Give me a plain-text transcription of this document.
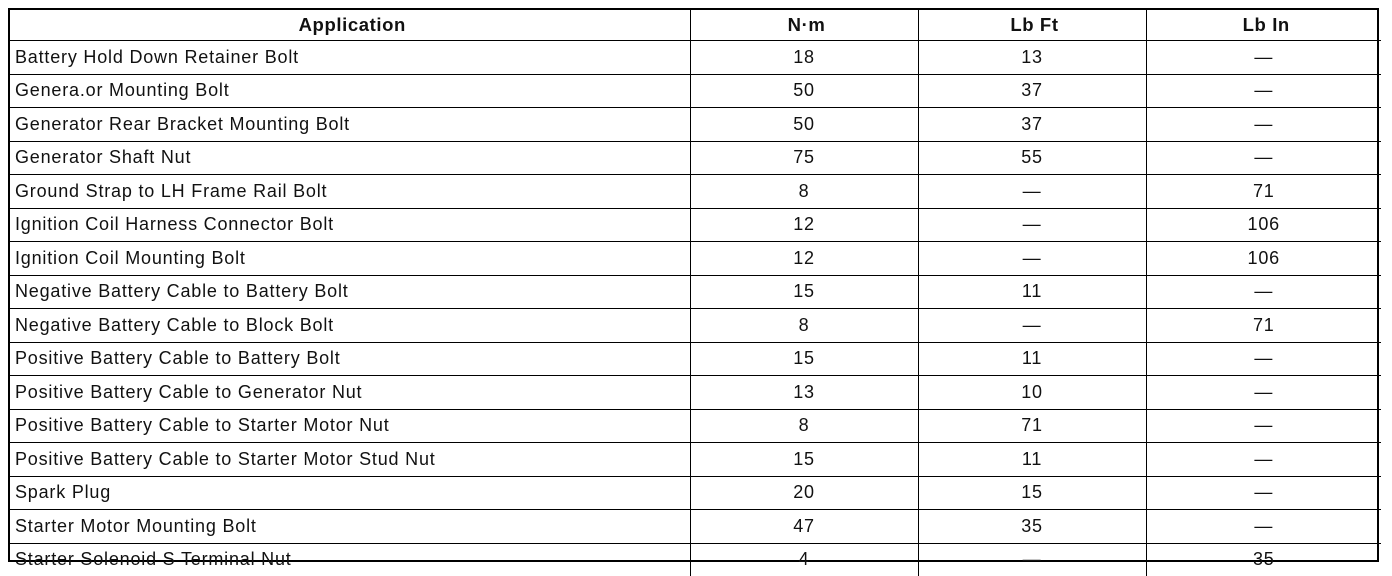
Application	N·m	Lb Ft	Lb In
Battery Hold Down Retainer Bolt	18	13	—
Genera.or Mounting Bolt	50	37	—
Generator Rear Bracket Mounting Bolt	50	37	—
Generator Shaft Nut	75	55	—
Ground Strap to LH Frame Rail Bolt	8	—	71
Ignition Coil Harness Connector Bolt	12	—	106
Ignition Coil Mounting Bolt	12	—	106
Negative Battery Cable to Battery Bolt	15	11	—
Negative Battery Cable to Block Bolt	8	—	71
Positive Battery Cable to Battery Bolt	15	11	—
Positive Battery Cable to Generator Nut	13	10	—
Positive Battery Cable to Starter Motor Nut	8	71	—
Positive Battery Cable to Starter Motor Stud Nut	15	11	—
Spark Plug	20	15	—
Starter Motor Mounting Bolt	47	35	—
Starter Solenoid S Terminal Nut	4	—	35
